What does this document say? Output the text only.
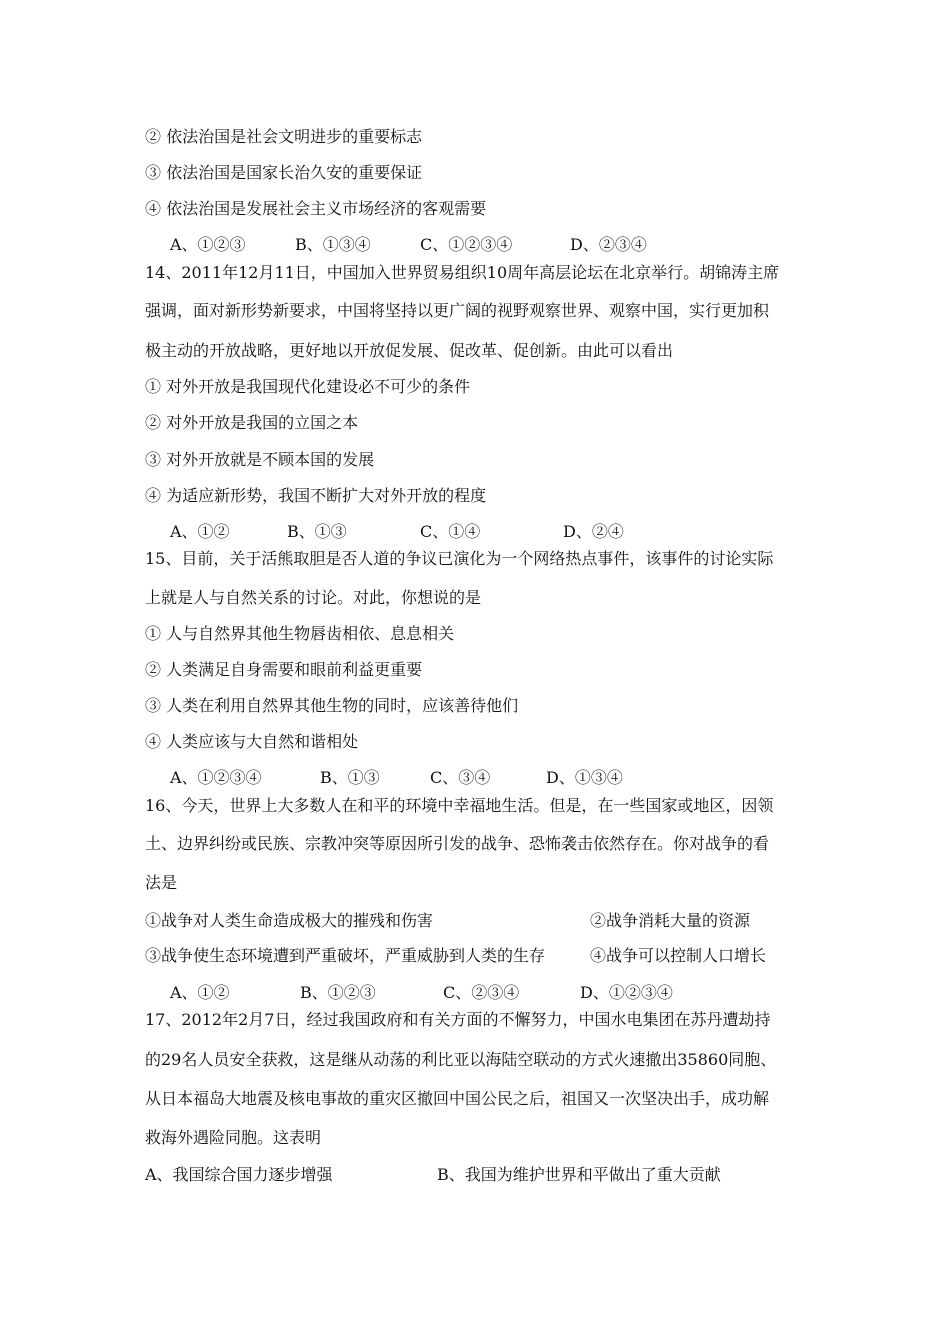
② 依法治国是社会文明进步的重要标志
③ 依法治国是国家长治久安的重要保证
④ 依法治国是发展社会主义市场经济的客观需要
A、①②③	B、①③④	C、①②③④	D、②③④
14、2011年12月11日，中国加入世界贸易组织10周年高层论坛在北京举行。胡锦涛主席
强调，面对新形势新要求，中国将坚持以更广阔的视野观察世界、观察中国，实行更加积
极主动的开放战略，更好地以开放促发展、促改革、促创新。由此可以看出
① 对外开放是我国现代化建设必不可少的条件
② 对外开放是我国的立国之本
③ 对外开放就是不顾本国的发展
④ 为适应新形势，我国不断扩大对外开放的程度
A、①②	B、①③	C、①④	D、②④
15、目前，关于活熊取胆是否人道的争议已演化为一个网络热点事件，该事件的讨论实际
上就是人与自然关系的讨论。对此，你想说的是
① 人与自然界其他生物唇齿相依、息息相关
② 人类满足自身需要和眼前利益更重要
③ 人类在利用自然界其他生物的同时，应该善待他们
④ 人类应该与大自然和谐相处
A、①②③④	B、①③	C、③④	D、①③④
16、今天，世界上大多数人在和平的环境中幸福地生活。但是，在一些国家或地区，因领
土、边界纠纷或民族、宗教冲突等原因所引发的战争、恐怖袭击依然存在。你对战争的看
法是
①战争对人类生命造成极大的摧残和伤害	②战争消耗大量的资源
③战争使生态环境遭到严重破坏，严重威胁到人类的生存	④战争可以控制人口增长
A、①②	B、①②③	C、②③④	D、①②③④
17、2012年2月7日，经过我国政府和有关方面的不懈努力，中国水电集团在苏丹遭劫持
的29名人员安全获救，这是继从动荡的利比亚以海陆空联动的方式火速撤出35860同胞、
从日本福岛大地震及核电事故的重灾区撤回中国公民之后，祖国又一次坚决出手，成功解
救海外遇险同胞。这表明
A、我国综合国力逐步增强	B、我国为维护世界和平做出了重大贡献
